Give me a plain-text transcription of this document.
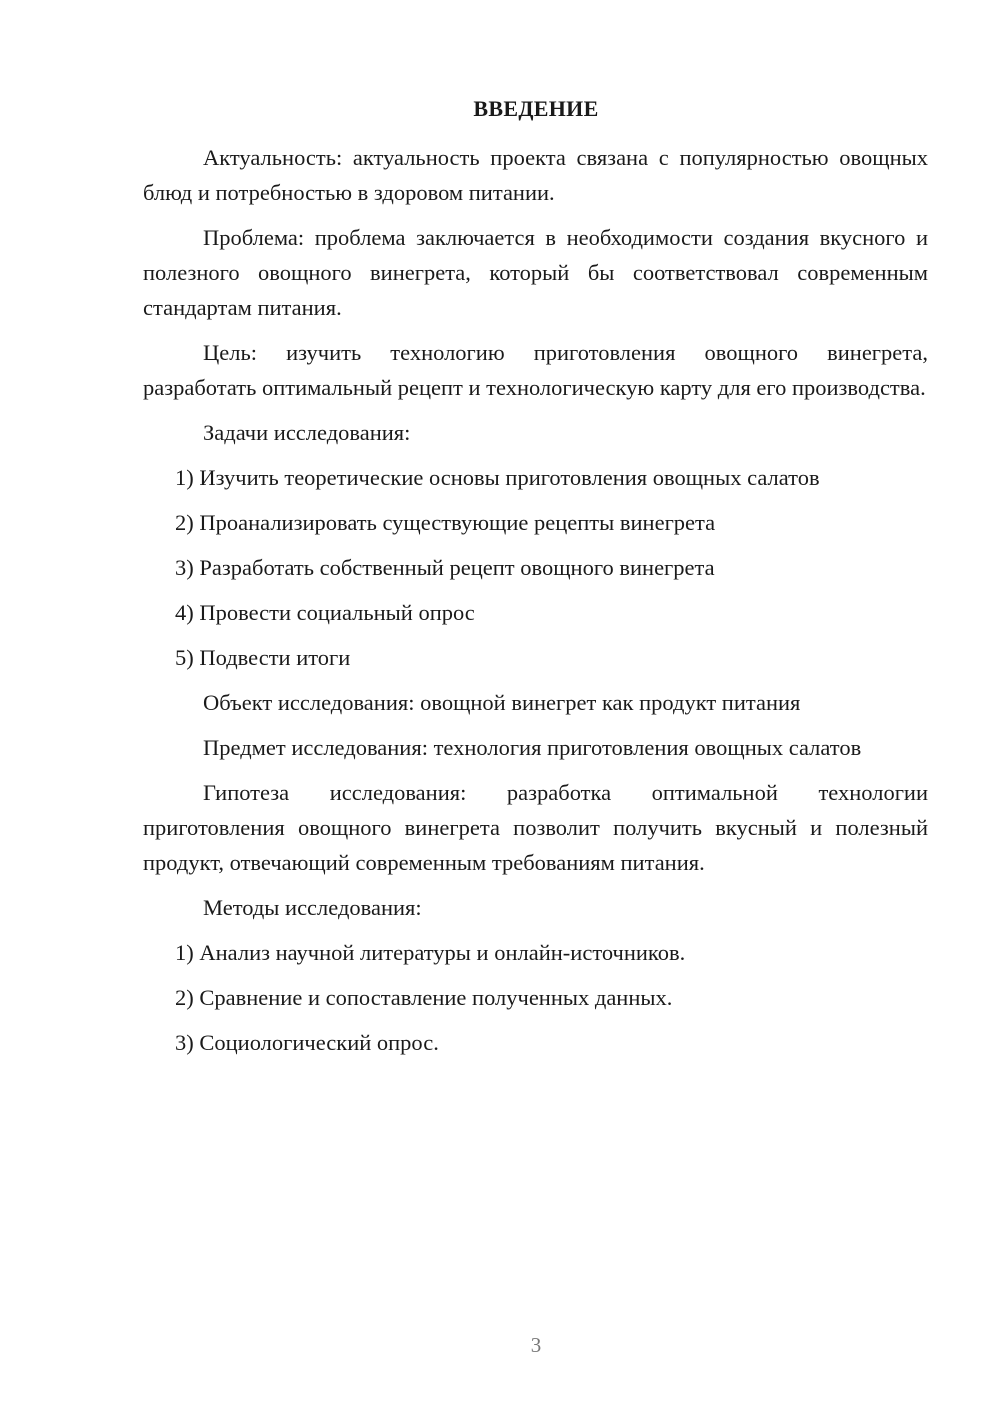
ВВЕДЕНИЕ
Актуальность: актуальность проекта связана с популярностью овощных блюд и потребностью в здоровом питании.
Проблема: проблема заключается в необходимости создания вкусного и полезного овощного винегрета, который бы соответствовал современным стандартам питания.
Цель: изучить технологию приготовления овощного винегрета, разработать оптимальный рецепт и технологическую карту для его производства.
Задачи исследования:
1) Изучить теоретические основы приготовления овощных салатов
2) Проанализировать существующие рецепты винегрета
3) Разработать собственный рецепт овощного винегрета
4) Провести социальный опрос
5) Подвести итоги
Объект исследования: овощной винегрет как продукт питания
Предмет исследования: технология приготовления овощных салатов
Гипотеза исследования: разработка оптимальной технологии приготовления овощного винегрета позволит получить вкусный и полезный продукт, отвечающий современным требованиям питания.
Методы исследования:
1) Анализ научной литературы и онлайн-источников.
2) Сравнение и сопоставление полученных данных.
3) Социологический опрос.
3
